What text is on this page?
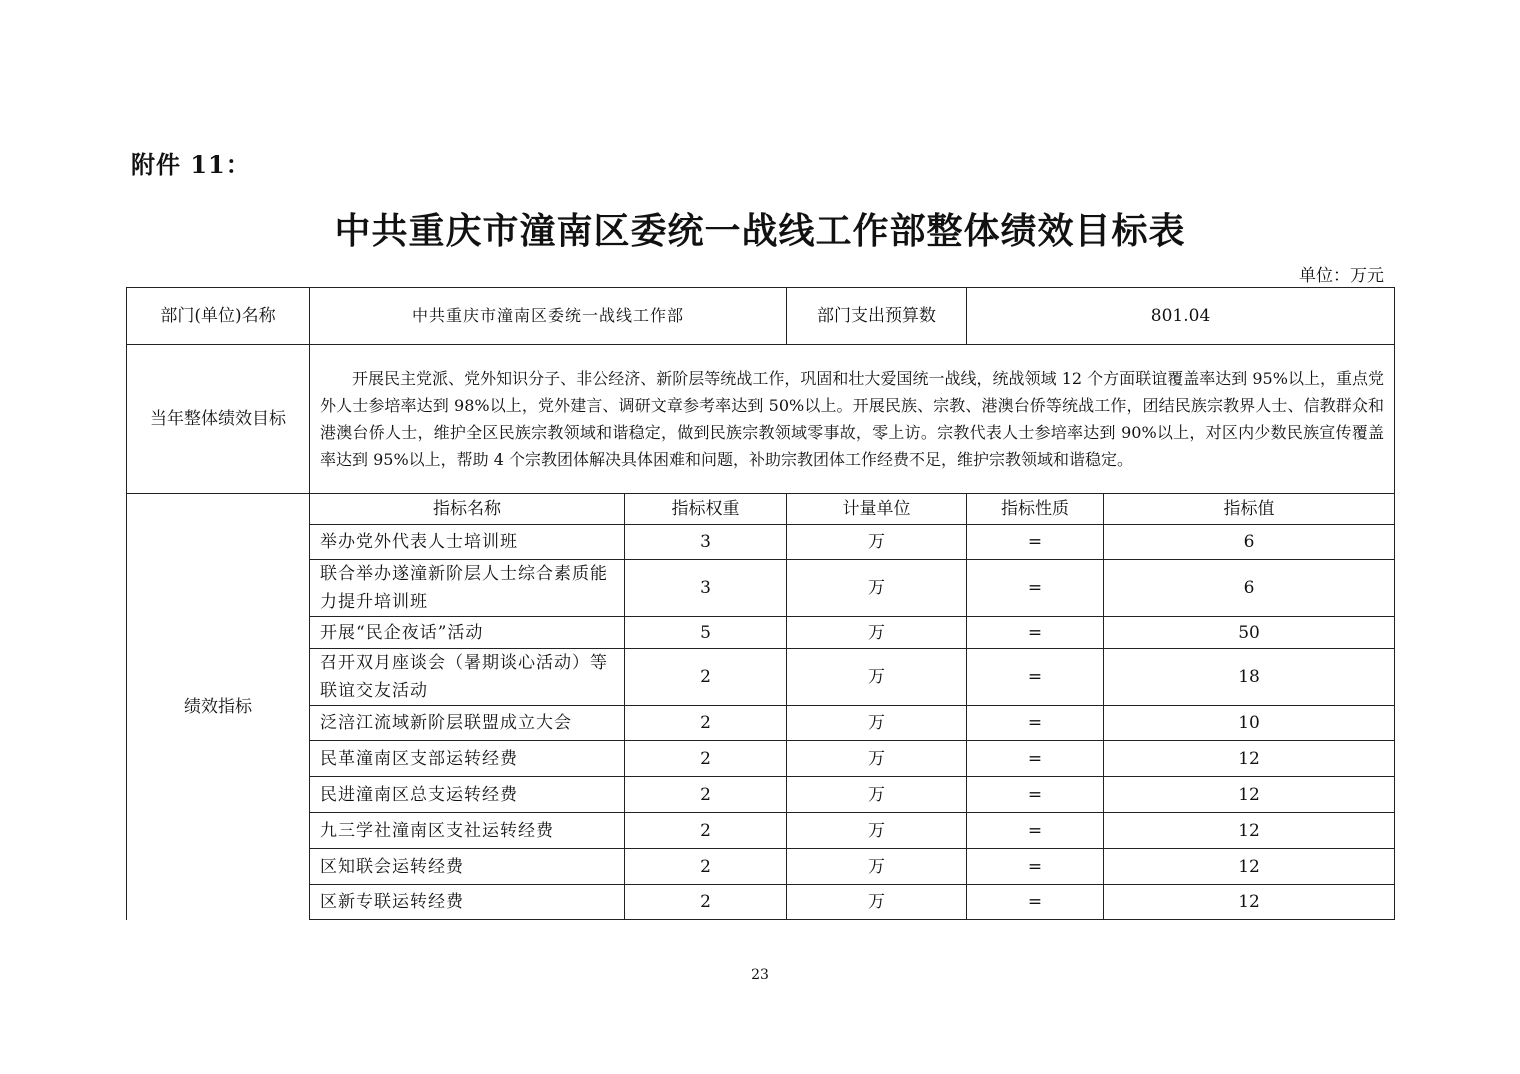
附件 11：
中共重庆市潼南区委统一战线工作部整体绩效目标表
单位：万元
部门(单位)名称	中共重庆市潼南区委统一战线工作部		部门支出预算数	801.04	
当年整体绩效目标	开展民主党派、党外知识分子、非公经济、新阶层等统战工作，巩固和壮大爱国统一战线，统战领域 12 个方面联谊覆盖率达到 95%以上，重点党外人士参培率达到 98%以上，党外建言、调研文章参考率达到 50%以上。开展民族、宗教、港澳台侨等统战工作，团结民族宗教界人士、信教群众和港澳台侨人士，维护全区民族宗教领域和谐稳定，做到民族宗教领域零事故，零上访。宗教代表人士参培率达到 90%以上，对区内少数民族宣传覆盖率达到 95%以上，帮助 4 个宗教团体解决具体困难和问题，补助宗教团体工作经费不足，维护宗教领域和谐稳定。				
绩效指标	指标名称	指标权重	计量单位	指标性质	指标值
	举办党外代表人士培训班	3	万	=	6
	联合举办遂潼新阶层人士综合素质能力提升培训班	3	万	=	6
	开展“民企夜话”活动	5	万	=	50
	召开双月座谈会（暑期谈心活动）等联谊交友活动	2	万	=	18
	泛涪江流域新阶层联盟成立大会	2	万	=	10
	民革潼南区支部运转经费	2	万	=	12
	民进潼南区总支运转经费	2	万	=	12
	九三学社潼南区支社运转经费	2	万	=	12
	区知联会运转经费	2	万	=	12
	区新专联运转经费	2	万	=	12
23
